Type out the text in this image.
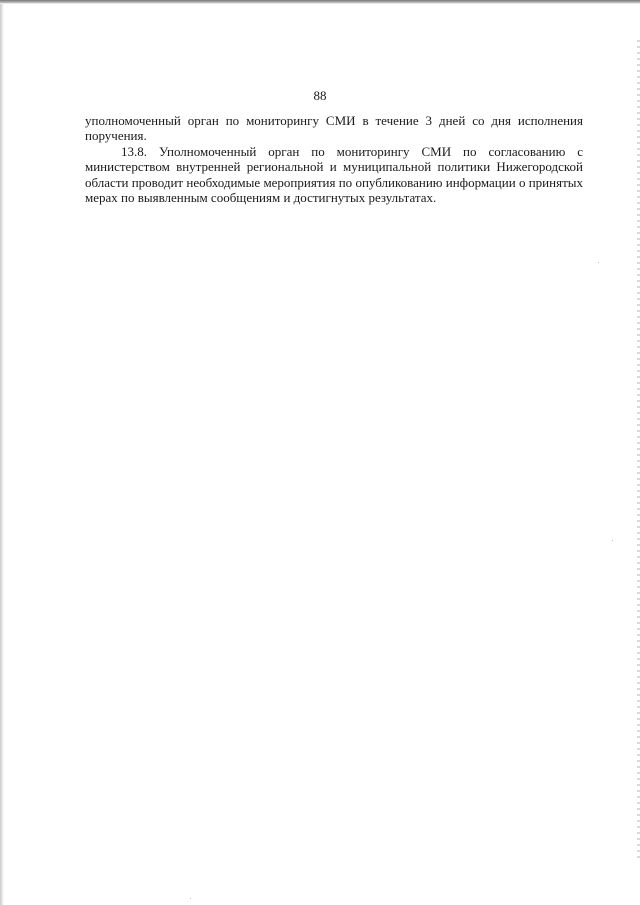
88

уполномоченный орган по мониторингу СМИ в течение 3 дней со дня исполнения поручения.

13.8. Уполномоченный орган по мониторингу СМИ по согласованию с министерством внутренней региональной и муниципальной политики Нижегородской области проводит необходимые мероприятия по опубликованию информации о принятых мерах по выявленным сообщениям и достигнутых результатах.
